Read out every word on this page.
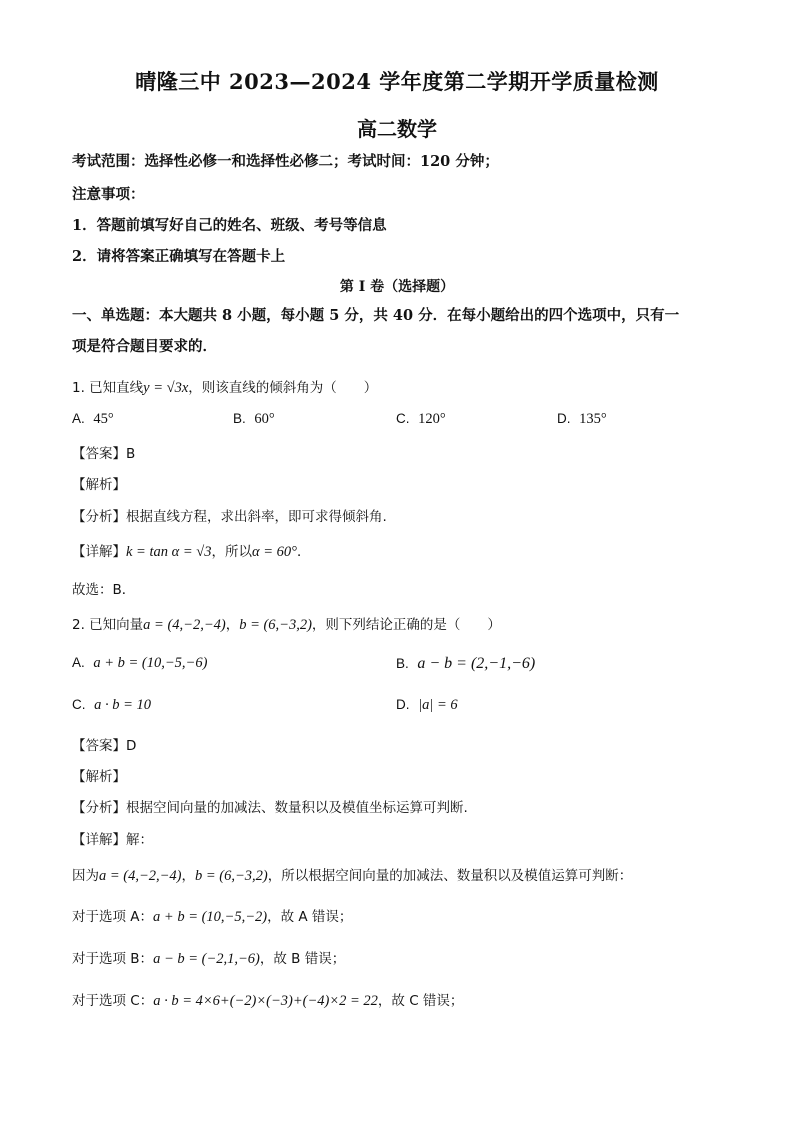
晴隆三中 2023—2024 学年度第二学期开学质量检测
高二数学
考试范围：选择性必修一和选择性必修二；考试时间：120 分钟；
注意事项：
1．答题前填写好自己的姓名、班级、考号等信息
2．请将答案正确填写在答题卡上
第 I 卷（选择题）
一、单选题：本大题共 8 小题，每小题 5 分，共 40 分．在每小题给出的四个选项中，只有一
项是符合题目要求的．
1. 已知直线y = √3x，则该直线的倾斜角为（　　）
A. 45°	B. 60°	C. 120°	D. 135°
【答案】B
【解析】
【分析】根据直线方程，求出斜率，即可求得倾斜角.
【详解】k = tan α = √3，所以α = 60°．
故选：B．
2. 已知向量a = (4,−2,−4)，b = (6,−3,2)，则下列结论正确的是（　　）
A. a + b = (10,−5,−6)	B. a − b = (2,−1,−6)
C. a · b = 10	D. |a| = 6
【答案】D
【解析】
【分析】根据空间向量的加减法、数量积以及模值坐标运算可判断.
【详解】解：
因为a = (4,−2,−4)，b = (6,−3,2)，所以根据空间向量的加减法、数量积以及模值运算可判断：
对于选项 A：a + b = (10,−5,−2)，故 A 错误；
对于选项 B：a − b = (−2,1,−6)，故 B 错误；
对于选项 C：a · b = 4×6+(−2)×(−3)+(−4)×2 = 22，故 C 错误；
